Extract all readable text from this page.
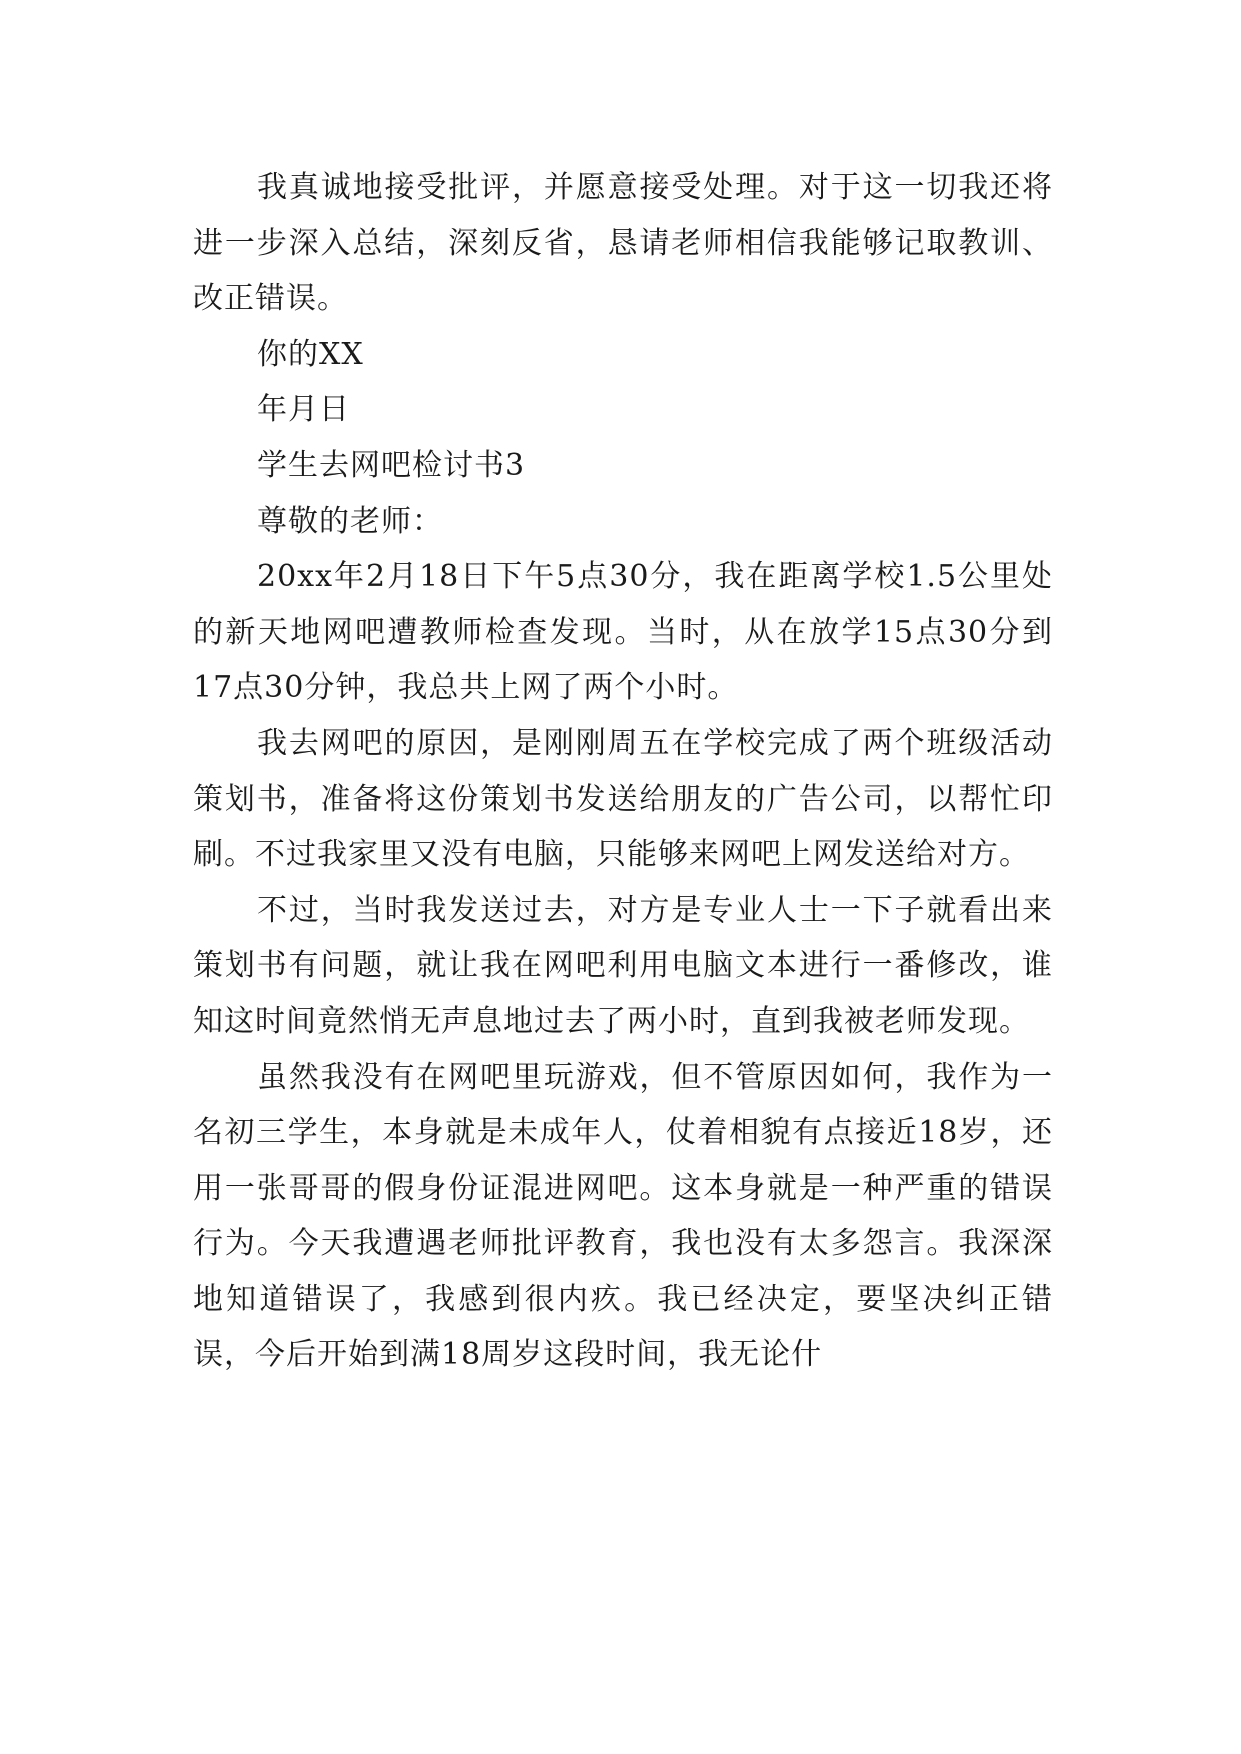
我真诚地接受批评，并愿意接受处理。对于这一切我还将进一步深入总结，深刻反省，恳请老师相信我能够记取教训、改正错误。

你的XX

年月日

学生去网吧检讨书3

尊敬的老师：

20xx年2月18日下午5点30分，我在距离学校1.5公里处的新天地网吧遭教师检查发现。当时，从在放学15点30分到17点30分钟，我总共上网了两个小时。

我去网吧的原因，是刚刚周五在学校完成了两个班级活动策划书，准备将这份策划书发送给朋友的广告公司，以帮忙印刷。不过我家里又没有电脑，只能够来网吧上网发送给对方。

不过，当时我发送过去，对方是专业人士一下子就看出来策划书有问题，就让我在网吧利用电脑文本进行一番修改，谁知这时间竟然悄无声息地过去了两小时，直到我被老师发现。

虽然我没有在网吧里玩游戏，但不管原因如何，我作为一名初三学生，本身就是未成年人，仗着相貌有点接近18岁，还用一张哥哥的假身份证混进网吧。这本身就是一种严重的错误行为。今天我遭遇老师批评教育，我也没有太多怨言。我深深地知道错误了，我感到很内疚。我已经决定，要坚决纠正错误，今后开始到满18周岁这段时间，我无论什
